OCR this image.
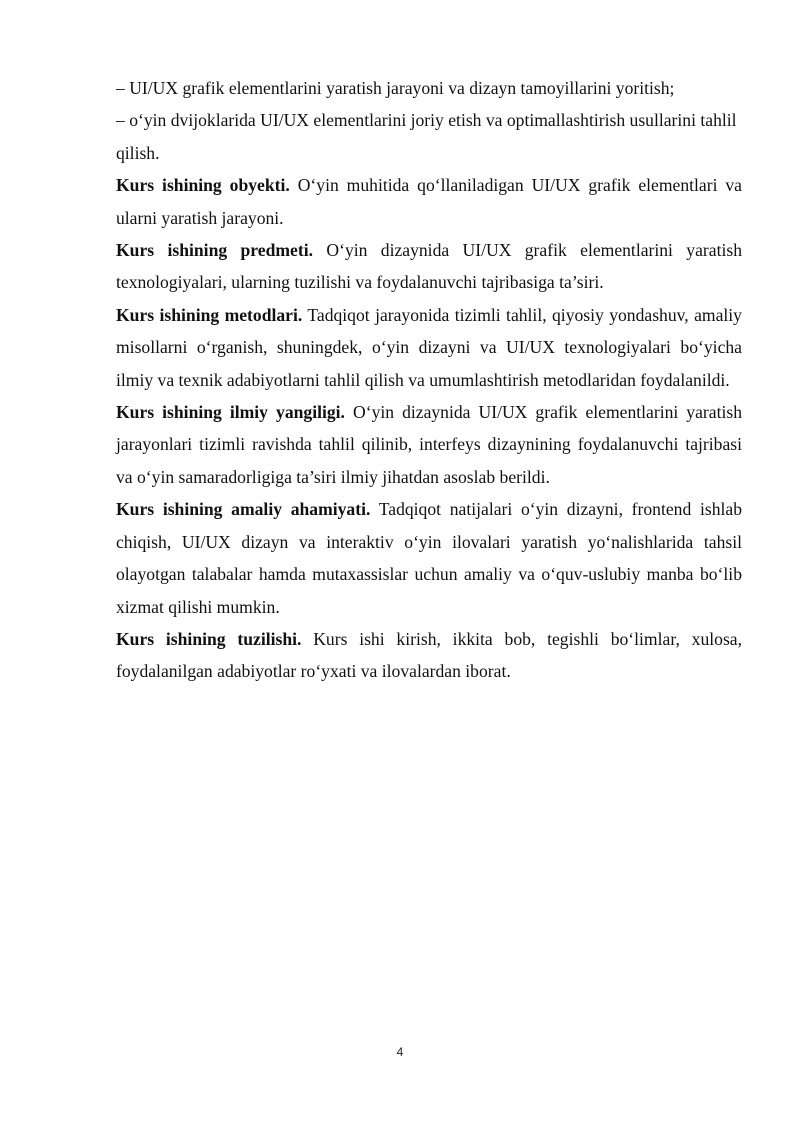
– UI/UX grafik elementlarini yaratish jarayoni va dizayn tamoyillarini yoritish;

– o‘yin dvijoklarida UI/UX elementlarini joriy etish va optimallashtirish usullarini tahlil qilish.

Kurs ishining obyekti. O‘yin muhitida qo‘llaniladigan UI/UX grafik elementlari va ularni yaratish jarayoni.

Kurs ishining predmeti. O‘yin dizaynida UI/UX grafik elementlarini yaratish texnologiyalari, ularning tuzilishi va foydalanuvchi tajribasiga ta’siri.

Kurs ishining metodlari. Tadqiqot jarayonida tizimli tahlil, qiyosiy yondashuv, amaliy misollarni o‘rganish, shuningdek, o‘yin dizayni va UI/UX texnologiyalari bo‘yicha ilmiy va texnik adabiyotlarni tahlil qilish va umumlashtirish metodlaridan foydalanildi.

Kurs ishining ilmiy yangiligi. O‘yin dizaynida UI/UX grafik elementlarini yaratish jarayonlari tizimli ravishda tahlil qilinib, interfeys dizaynining foydalanuvchi tajribasi va o‘yin samaradorligiga ta’siri ilmiy jihatdan asoslab berildi.

Kurs ishining amaliy ahamiyati. Tadqiqot natijalari o‘yin dizayni, frontend ishlab chiqish, UI/UX dizayn va interaktiv o‘yin ilovalari yaratish yo‘nalishlarida tahsil olayotgan talabalar hamda mutaxassislar uchun amaliy va o‘quv-uslubiy manba bo‘lib xizmat qilishi mumkin.

Kurs ishining tuzilishi. Kurs ishi kirish, ikkita bob, tegishli bo‘limlar, xulosa, foydalanilgan adabiyotlar ro‘yxati va ilovalardan iborat.

4
